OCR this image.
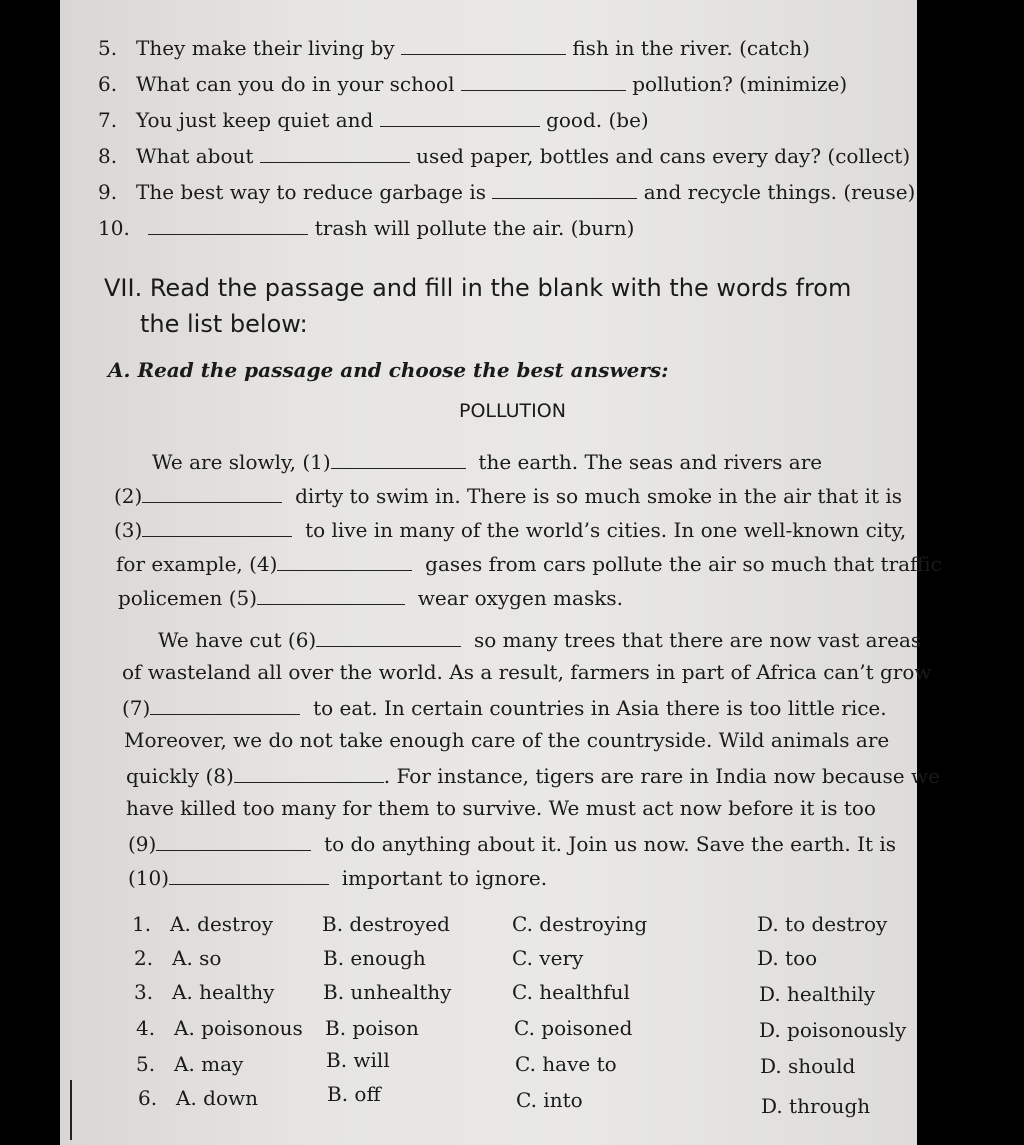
5. They make their living by	fish in the river. (catch)
6. What can you do in your school	pollution? (minimize)
7. You just keep quiet and	good. (be)
8. What about	used paper, bottles and cans every day? (collect)
9. The best way to reduce garbage is	and recycle things. (reuse)
10.	trash will pollute the air. (burn)
VII. Read the passage and fill in the blank with the words from
the list below:
A. Read the passage and choose the best answers:
POLLUTION
We are slowly, (1)	the earth. The seas and rivers are
(2)	dirty to swim in. There is so much smoke in the air that it is
(3)	to live in many of the world’s cities. In one well-known city,
for example, (4)	gases from cars pollute the air so much that traffic
policemen (5)	wear oxygen masks.
We have cut (6)	so many trees that there are now vast areas
of wasteland all over the world. As a result, farmers in part of Africa can’t grow
(7)	to eat. In certain countries in Asia there is too little rice.
Moreover, we do not take enough care of the countryside. Wild animals are
quickly (8)	. For instance, tigers are rare in India now because we
have killed too many for them to survive. We must act now before it is too
(9)	to do anything about it. Join us now. Save the earth. It is
(10)	important to ignore.
1. A. destroy B. destroyed	C. destroying	D. to destroy
2. A. so	B. enough	C. very	D. too
3. A. healthy B. unhealthy	C. healthful	D. healthily
4. A. poisonous B. poison	C. poisoned	D. poisonously
5. A. may	B. will	C. have to	D. should
6. A. down	B. off	C. into	D. through
